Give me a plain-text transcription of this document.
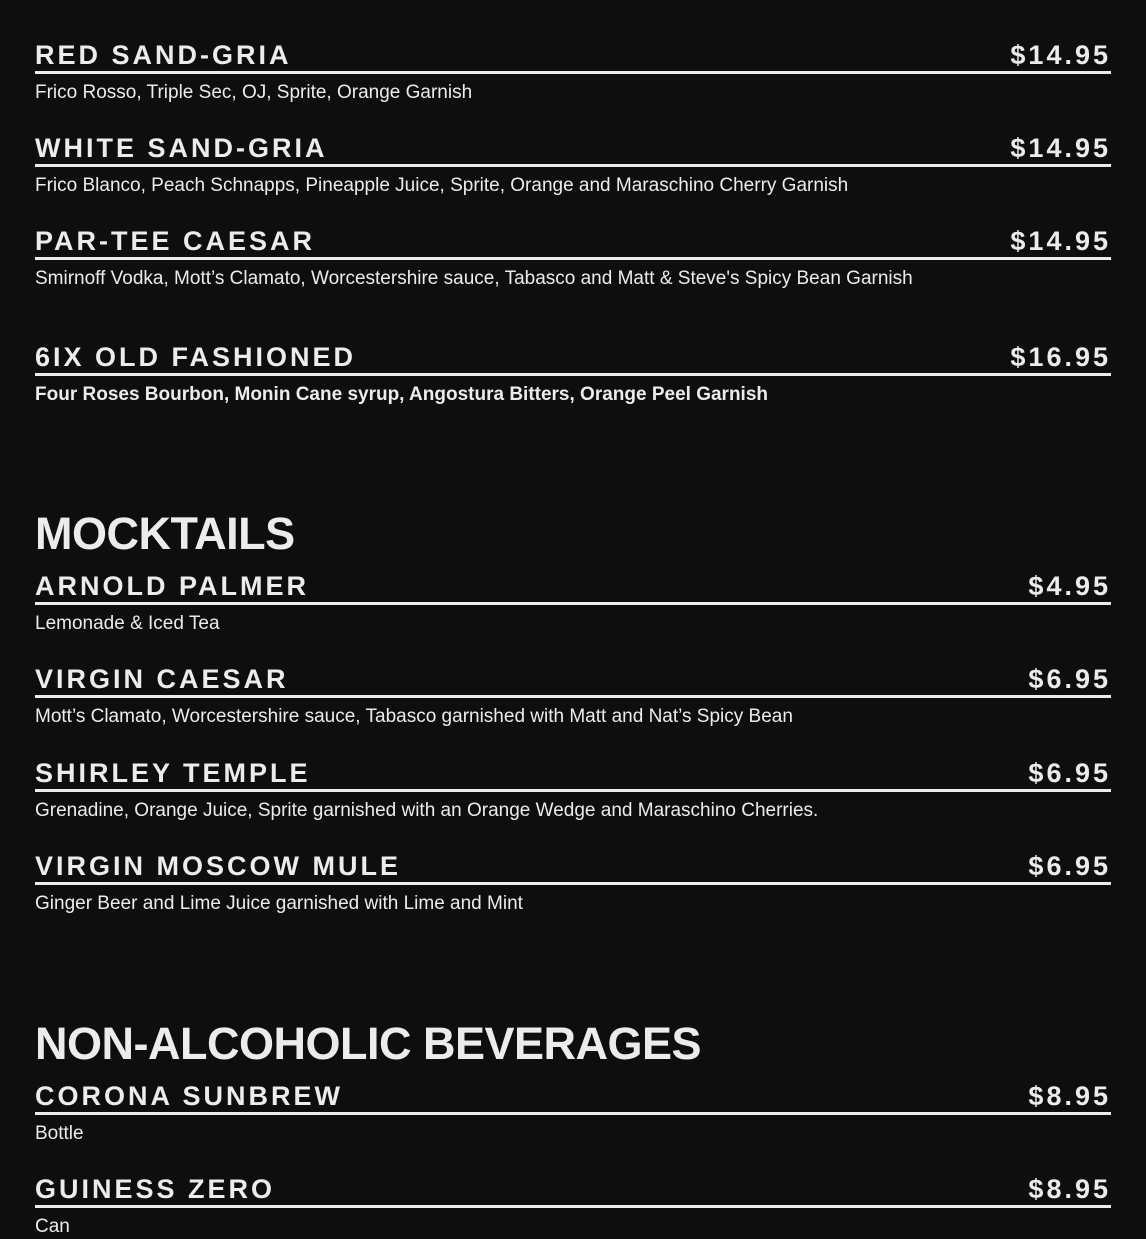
RED SAND-GRIA	$14.95
Frico Rosso, Triple Sec, OJ, Sprite, Orange Garnish
WHITE SAND-GRIA	$14.95
Frico Blanco, Peach Schnapps, Pineapple Juice, Sprite, Orange and Maraschino Cherry Garnish
PAR-TEE CAESAR	$14.95
Smirnoff Vodka, Mott’s Clamato, Worcestershire sauce, Tabasco and Matt & Steve's Spicy Bean Garnish
6IX OLD FASHIONED	$16.95
Four Roses Bourbon, Monin Cane syrup, Angostura Bitters, Orange Peel Garnish
MOCKTAILS
ARNOLD PALMER	$4.95
Lemonade & Iced Tea
VIRGIN CAESAR	$6.95
Mott’s Clamato, Worcestershire sauce, Tabasco garnished with Matt and Nat’s Spicy Bean
SHIRLEY TEMPLE	$6.95
Grenadine, Orange Juice, Sprite garnished with an Orange Wedge and Maraschino Cherries.
VIRGIN MOSCOW MULE	$6.95
Ginger Beer and Lime Juice garnished with Lime and Mint
NON-ALCOHOLIC BEVERAGES
CORONA SUNBREW	$8.95
Bottle
GUINESS ZERO	$8.95
Can
